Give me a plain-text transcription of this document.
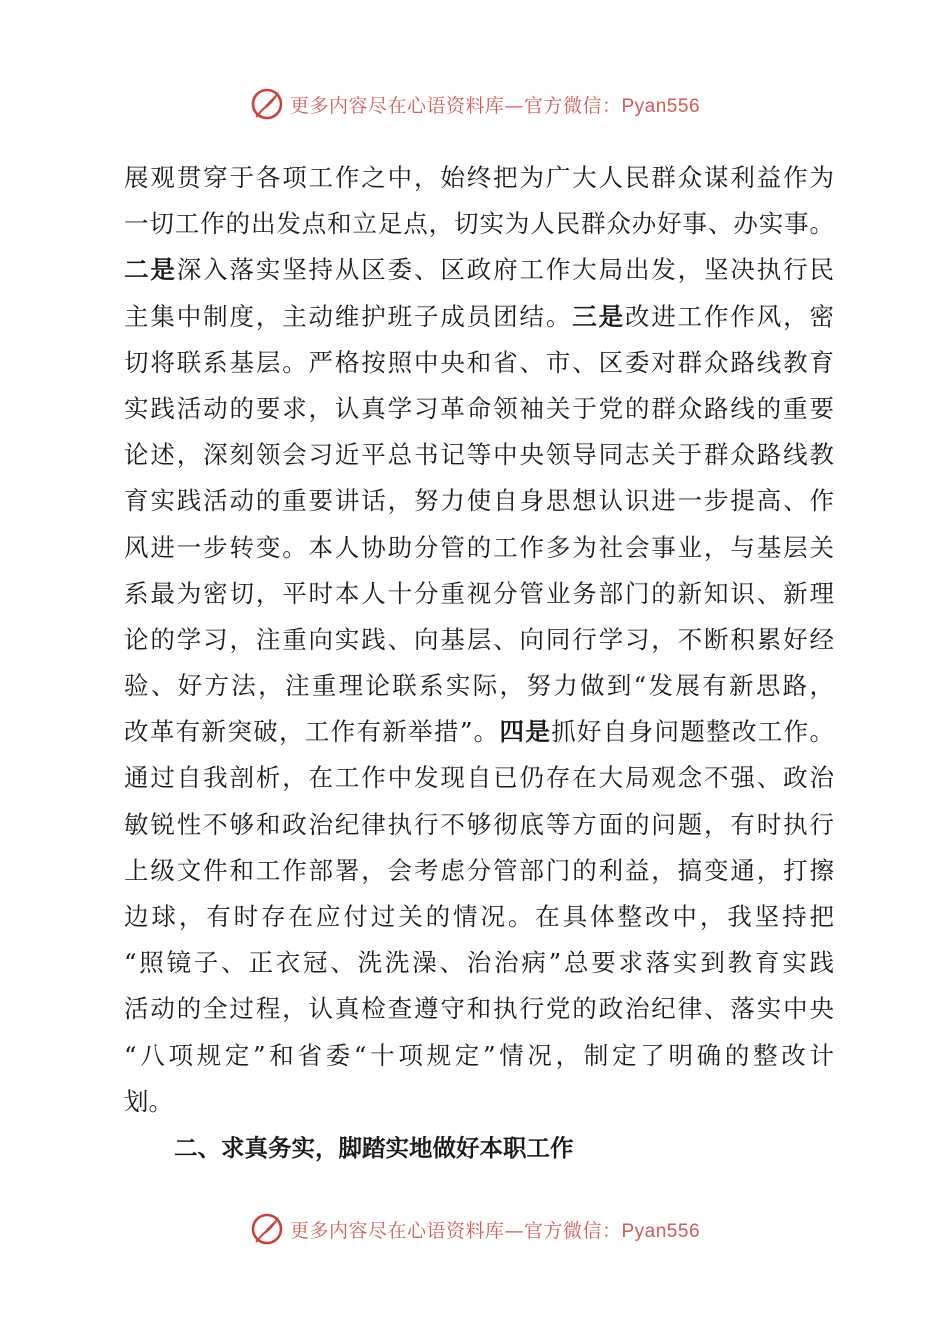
更多内容尽在心语资料库—官方微信：Pyan556
展观贯穿于各项工作之中，始终把为广大人民群众谋利益作为
一切工作的出发点和立足点，切实为人民群众办好事、办实事。
二是深入落实坚持从区委、区政府工作大局出发，坚决执行民
主集中制度，主动维护班子成员团结。三是改进工作作风，密
切将联系基层。严格按照中央和省、市、区委对群众路线教育
实践活动的要求，认真学习革命领袖关于党的群众路线的重要
论述，深刻领会习近平总书记等中央领导同志关于群众路线教
育实践活动的重要讲话，努力使自身思想认识进一步提高、作
风进一步转变。本人协助分管的工作多为社会事业，与基层关
系最为密切，平时本人十分重视分管业务部门的新知识、新理
论的学习，注重向实践、向基层、向同行学习，不断积累好经
验、好方法，注重理论联系实际，努力做到“发展有新思路，
改革有新突破，工作有新举措”。四是抓好自身问题整改工作。
通过自我剖析，在工作中发现自已仍存在大局观念不强、政治
敏锐性不够和政治纪律执行不够彻底等方面的问题，有时执行
上级文件和工作部署，会考虑分管部门的利益，搞变通，打擦
边球，有时存在应付过关的情况。在具体整改中，我坚持把
“照镜子、正衣冠、洗洗澡、治治病”总要求落实到教育实践
活动的全过程，认真检查遵守和执行党的政治纪律、落实中央
“八项规定”和省委“十项规定”情况，制定了明确的整改计
划。
二、求真务实，脚踏实地做好本职工作
更多内容尽在心语资料库—官方微信：Pyan556
